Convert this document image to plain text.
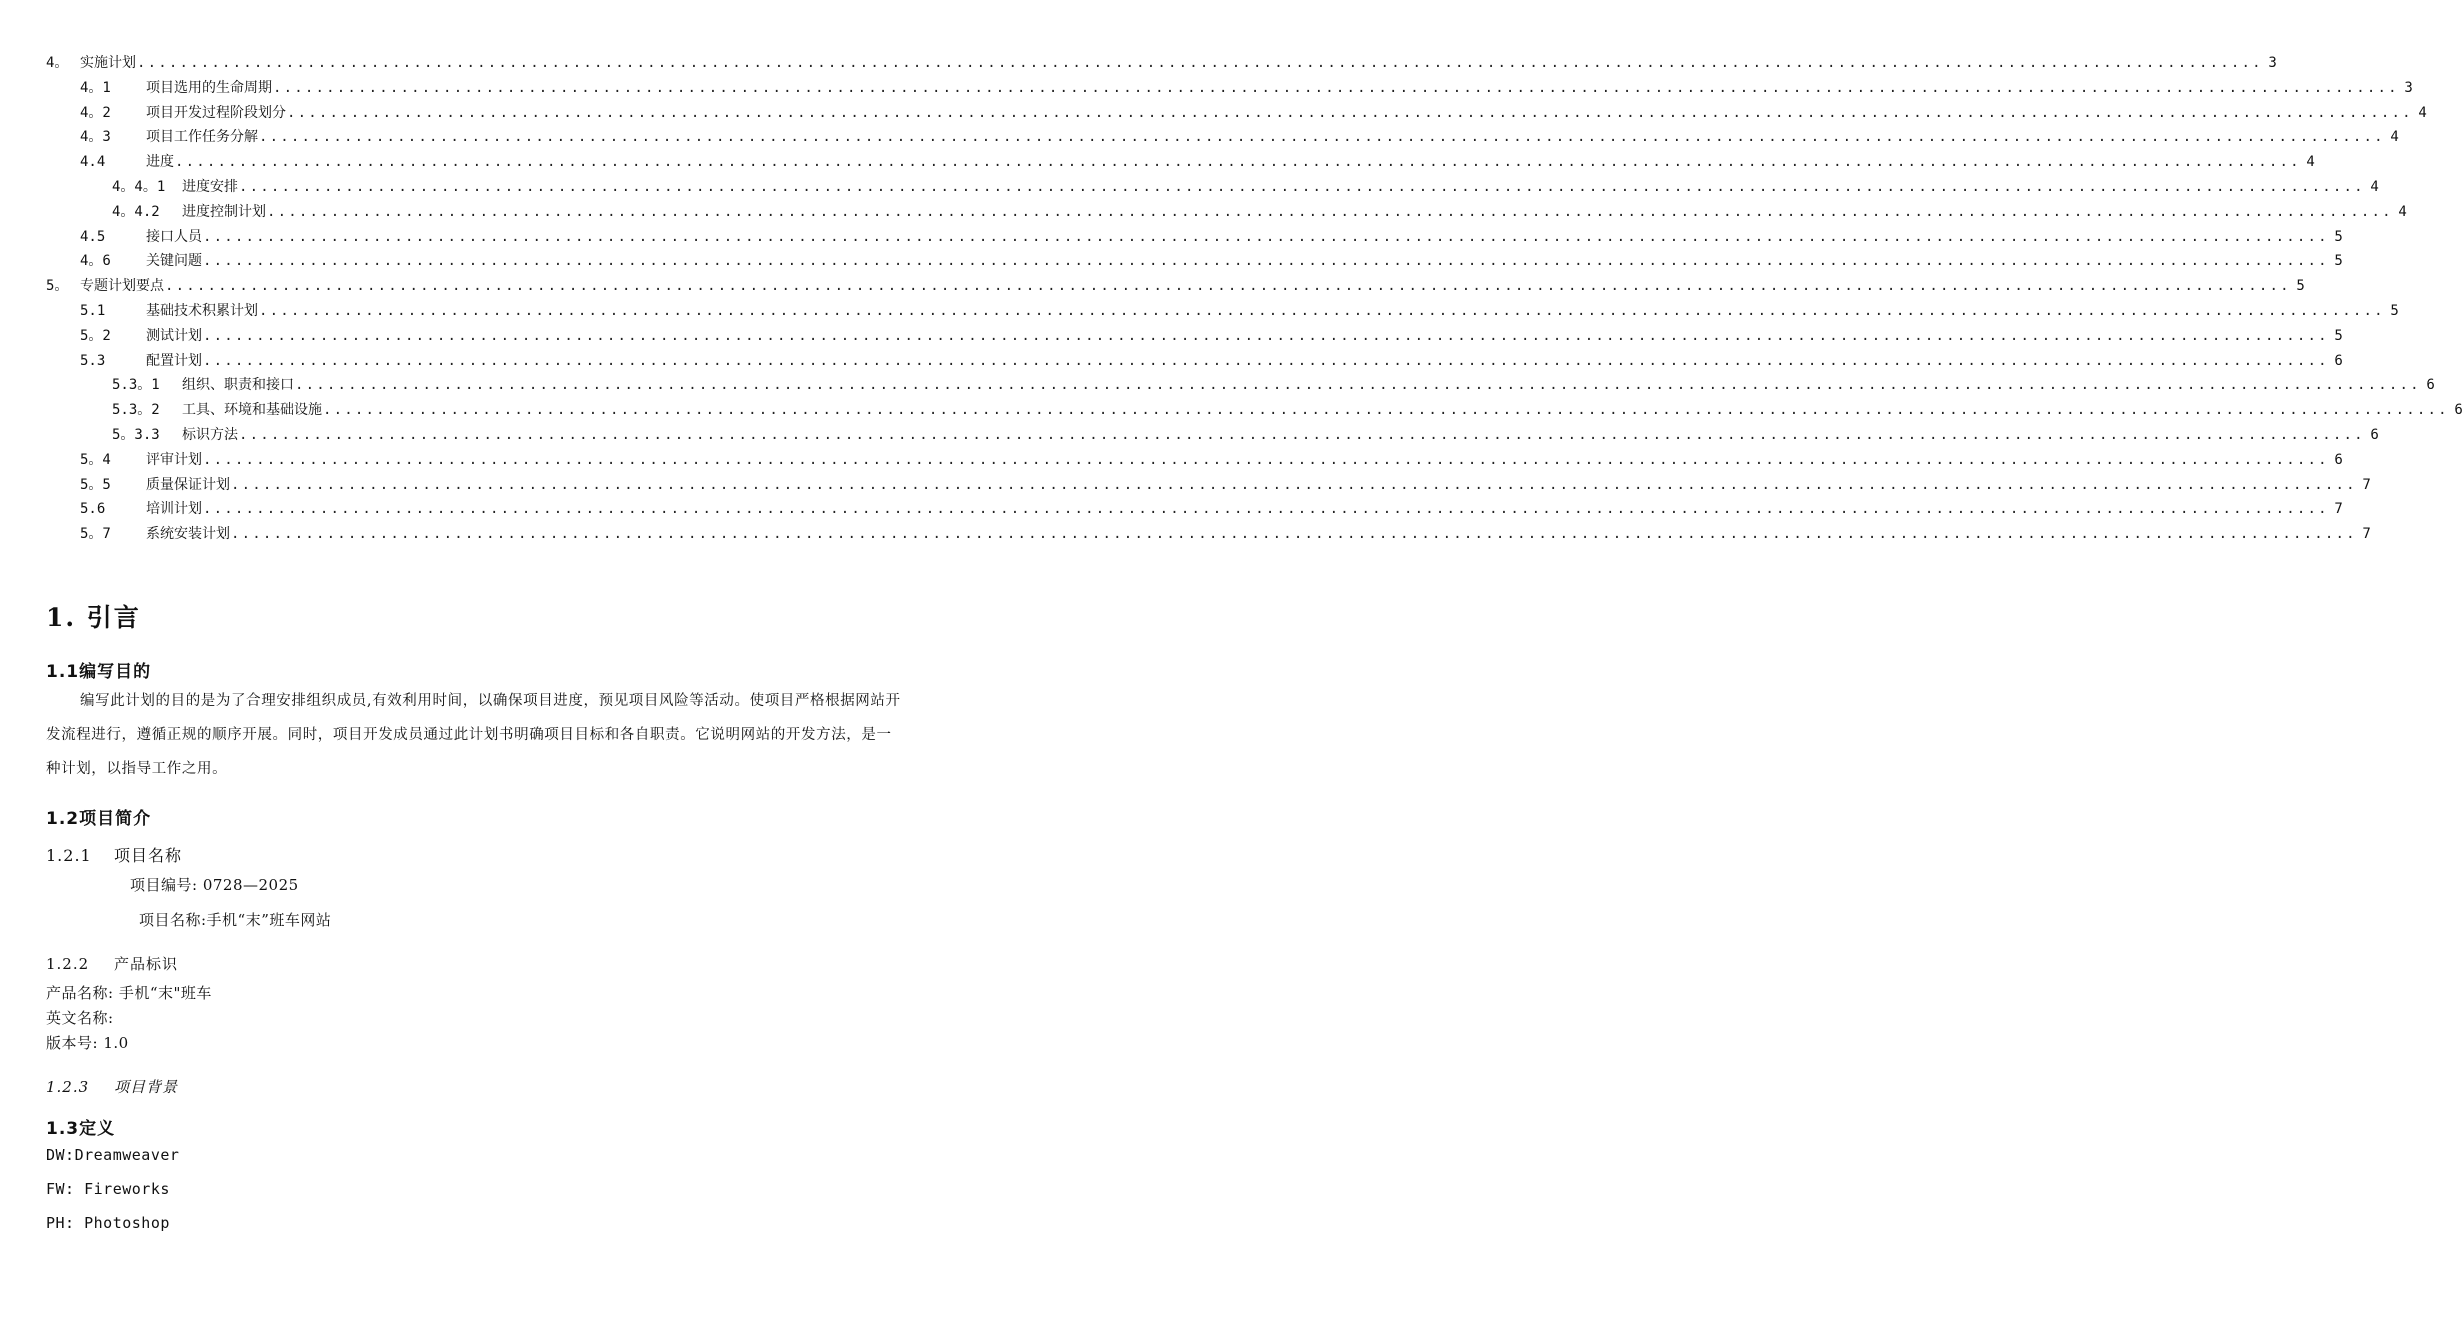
4。 实施计划 ........................................................................................................................................................................................................ 3
4。1	项目选用的生命周期 ........................................................................................................................................................................................................ 3
4。2	项目开发过程阶段划分 ........................................................................................................................................................................................................ 4
4。3	项目工作任务分解 ........................................................................................................................................................................................................ 4
4.4	进度 ........................................................................................................................................................................................................ 4
4。4。1	进度安排 ........................................................................................................................................................................................................ 4
4。4.2	进度控制计划 ........................................................................................................................................................................................................ 4
4.5	接口人员 ........................................................................................................................................................................................................ 5
4。6	关键问题 ........................................................................................................................................................................................................ 5
5。 专题计划要点 ........................................................................................................................................................................................................ 5
5.1	基础技术积累计划 ........................................................................................................................................................................................................ 5
5。2	测试计划 ........................................................................................................................................................................................................ 5
5.3	配置计划 ........................................................................................................................................................................................................ 6
5.3。1	组织、职责和接口 ........................................................................................................................................................................................................ 6
5.3。2	工具、环境和基础设施 ........................................................................................................................................................................................................ 6
5。3.3	标识方法 ........................................................................................................................................................................................................ 6
5。4	评审计划 ........................................................................................................................................................................................................ 6
5。5	质量保证计划 ........................................................................................................................................................................................................ 7
5.6	培训计划 ........................................................................................................................................................................................................ 7
5。7	系统安装计划 ........................................................................................................................................................................................................ 7
1. 引言
1.1编写目的
编写此计划的目的是为了合理安排组织成员,有效利用时间，以确保项目进度，预见项目风险等活动。使项目严格根据网站开发流程进行，遵循正规的顺序开展。同时，项目开发成员通过此计划书明确项目目标和各自职责。它说明网站的开发方法，是一种计划，以指导工作之用。
1.2项目简介
1.2.1 项目名称
项目编号: 0728—2025
项目名称:手机“末”班车网站
1.2.2 产品标识
产品名称: 手机“末"班车
英文名称:
版本号: 1.0
1.2.3 项目背景
1.3定义
DW:Dreamweaver
FW: Fireworks
PH: Photoshop
